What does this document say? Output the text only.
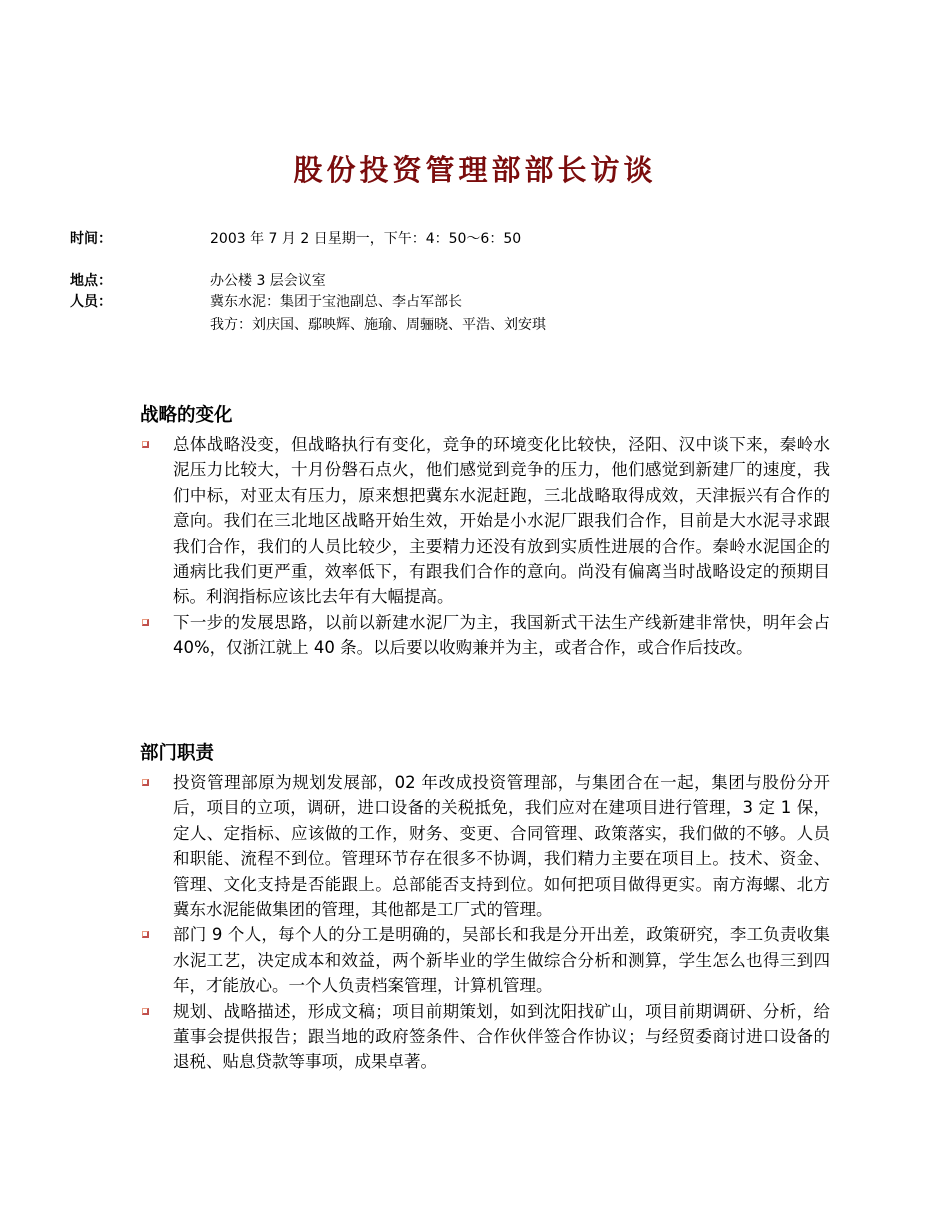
股份投资管理部部长访谈
时间：	2003 年 7 月 2 日星期一，下午：4：50～6：50
地点：	办公楼 3 层会议室
人员：	冀东水泥：集团于宝池副总、李占军部长
我方：刘庆国、鄢映辉、施瑜、周骊晓、平浩、刘安琪
战略的变化
总体战略没变，但战略执行有变化，竞争的环境变化比较快，泾阳、汉中谈下来，秦岭水泥压力比较大，十月份磐石点火，他们感觉到竞争的压力，他们感觉到新建厂的速度，我们中标，对亚太有压力，原来想把冀东水泥赶跑，三北战略取得成效，天津振兴有合作的意向。我们在三北地区战略开始生效，开始是小水泥厂跟我们合作，目前是大水泥寻求跟我们合作，我们的人员比较少，主要精力还没有放到实质性进展的合作。秦岭水泥国企的通病比我们更严重，效率低下，有跟我们合作的意向。尚没有偏离当时战略设定的预期目标。利润指标应该比去年有大幅提高。
下一步的发展思路，以前以新建水泥厂为主，我国新式干法生产线新建非常快，明年会占 40%，仅浙江就上 40 条。以后要以收购兼并为主，或者合作，或合作后技改。
部门职责
投资管理部原为规划发展部，02 年改成投资管理部，与集团合在一起，集团与股份分开后，项目的立项，调研，进口设备的关税抵免，我们应对在建项目进行管理，3 定 1 保，定人、定指标、应该做的工作，财务、变更、合同管理、政策落实，我们做的不够。人员和职能、流程不到位。管理环节存在很多不协调，我们精力主要在项目上。技术、资金、管理、文化支持是否能跟上。总部能否支持到位。如何把项目做得更实。南方海螺、北方冀东水泥能做集团的管理，其他都是工厂式的管理。
部门 9 个人，每个人的分工是明确的，吴部长和我是分开出差，政策研究，李工负责收集水泥工艺，决定成本和效益，两个新毕业的学生做综合分析和测算，学生怎么也得三到四年，才能放心。一个人负责档案管理，计算机管理。
规划、战略描述，形成文稿；项目前期策划，如到沈阳找矿山，项目前期调研、分析，给董事会提供报告；跟当地的政府签条件、合作伙伴签合作协议；与经贸委商讨进口设备的退税、贴息贷款等事项，成果卓著。
